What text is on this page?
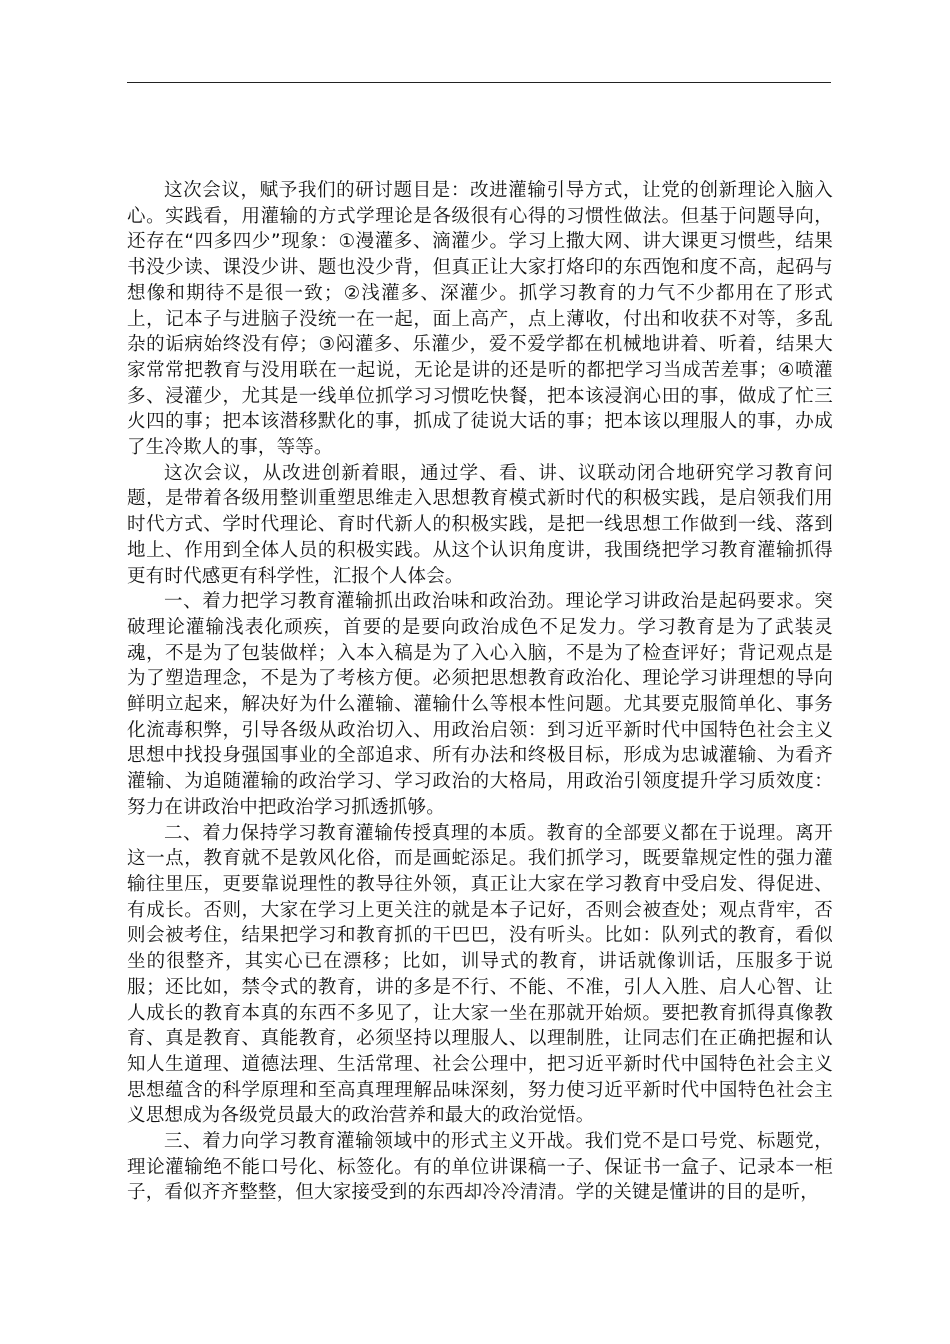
这次会议，赋予我们的研讨题目是：改进灌输引导方式，让党的创新理论入脑入心。实践看，用灌输的方式学理论是各级很有心得的习惯性做法。但基于问题导向，还存在“四多四少”现象：①漫灌多、滴灌少。学习上撒大网、讲大课更习惯些，结果书没少读、课没少讲、题也没少背，但真正让大家打烙印的东西饱和度不高，起码与想像和期待不是很一致；②浅灌多、深灌少。抓学习教育的力气不少都用在了形式上，记本子与进脑子没统一在一起，面上高产，点上薄收，付出和收获不对等，多乱杂的诟病始终没有停；③闷灌多、乐灌少，爱不爱学都在机械地讲着、听着，结果大家常常把教育与没用联在一起说，无论是讲的还是听的都把学习当成苦差事；④喷灌多、浸灌少，尤其是一线单位抓学习习惯吃快餐，把本该浸润心田的事，做成了忙三火四的事；把本该潜移默化的事，抓成了徒说大话的事；把本该以理服人的事，办成了生冷欺人的事，等等。

这次会议，从改进创新着眼，通过学、看、讲、议联动闭合地研究学习教育问题，是带着各级用整训重塑思维走入思想教育模式新时代的积极实践，是启领我们用时代方式、学时代理论、育时代新人的积极实践，是把一线思想工作做到一线、落到地上、作用到全体人员的积极实践。从这个认识角度讲，我围绕把学习教育灌输抓得更有时代感更有科学性，汇报个人体会。

一、着力把学习教育灌输抓出政治味和政治劲。理论学习讲政治是起码要求。突破理论灌输浅表化顽疾，首要的是要向政治成色不足发力。学习教育是为了武装灵魂，不是为了包装做样；入本入稿是为了入心入脑，不是为了检查评好；背记观点是为了塑造理念，不是为了考核方便。必须把思想教育政治化、理论学习讲理想的导向鲜明立起来，解决好为什么灌输、灌输什么等根本性问题。尤其要克服简单化、事务化流毒积弊，引导各级从政治切入、用政治启领：到习近平新时代中国特色社会主义思想中找投身强国事业的全部追求、所有办法和终极目标，形成为忠诚灌输、为看齐灌输、为追随灌输的政治学习、学习政治的大格局，用政治引领度提升学习质效度：努力在讲政治中把政治学习抓透抓够。

二、着力保持学习教育灌输传授真理的本质。教育的全部要义都在于说理。离开这一点，教育就不是敦风化俗，而是画蛇添足。我们抓学习，既要靠规定性的强力灌输往里压，更要靠说理性的教导往外领，真正让大家在学习教育中受启发、得促进、有成长。否则，大家在学习上更关注的就是本子记好，否则会被查处；观点背牢，否则会被考住，结果把学习和教育抓的干巴巴，没有听头。比如：队列式的教育，看似坐的很整齐，其实心已在漂移；比如，训导式的教育，讲话就像训话，压服多于说服；还比如，禁令式的教育，讲的多是不行、不能、不准，引人入胜、启人心智、让人成长的教育本真的东西不多见了，让大家一坐在那就开始烦。要把教育抓得真像教育、真是教育、真能教育，必须坚持以理服人、以理制胜，让同志们在正确把握和认知人生道理、道德法理、生活常理、社会公理中，把习近平新时代中国特色社会主义思想蕴含的科学原理和至高真理理解品味深刻，努力使习近平新时代中国特色社会主义思想成为各级党员最大的政治营养和最大的政治觉悟。

三、着力向学习教育灌输领域中的形式主义开战。我们党不是口号党、标题党，理论灌输绝不能口号化、标签化。有的单位讲课稿一子、保证书一盒子、记录本一柜子，看似齐齐整整，但大家接受到的东西却冷冷清清。学的关键是懂讲的目的是听，
